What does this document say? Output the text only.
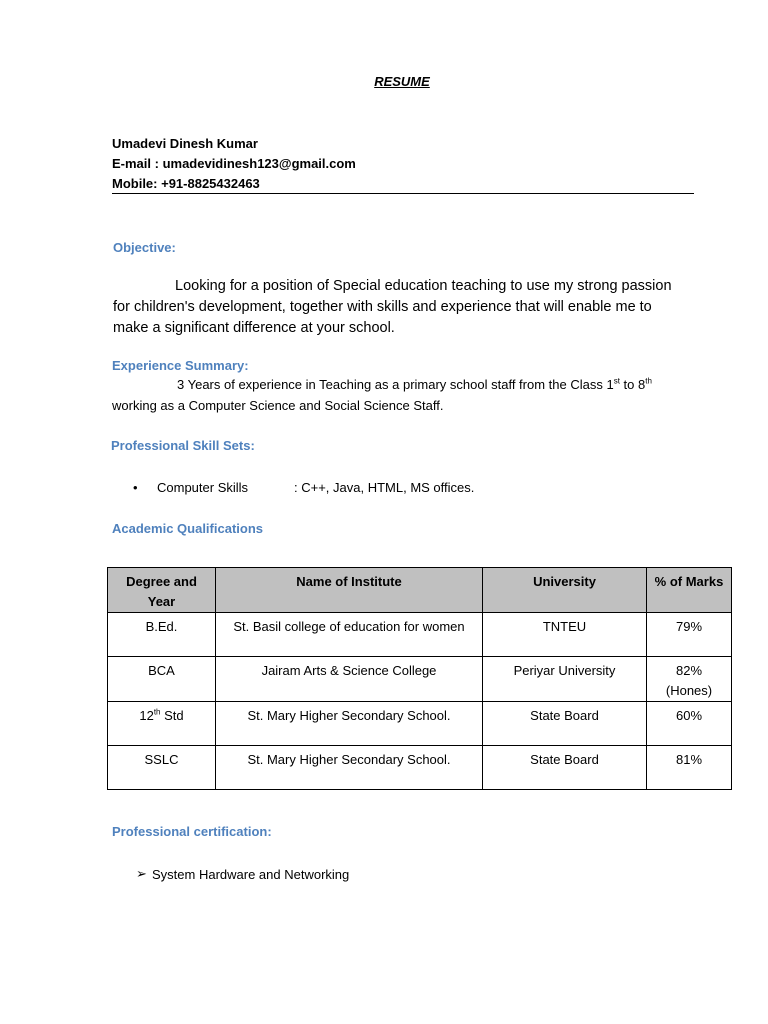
RESUME
Umadevi Dinesh Kumar
E-mail : umadevidinesh123@gmail.com
Mobile: +91-8825432463
Objective:
Looking for a position of Special education teaching to use my strong passion for children's development, together with skills and experience that will enable me to make a significant difference at your school.
Experience Summary:
3 Years of experience in Teaching as a primary school staff from the Class 1st to 8th
working as a Computer Science and Social Science Staff.
Professional Skill Sets:
• Computer Skills	: C++, Java, HTML, MS offices.
Academic Qualifications
Degree and Year	Name of Institute	University	% of Marks
B.Ed.	St. Basil college of education for women	TNTEU	79%
BCA	Jairam Arts & Science College	Periyar University	82%
(Hones)
12th Std	St. Mary Higher Secondary School.	State Board	60%
SSLC	St. Mary Higher Secondary School.	State Board	81%
Professional certification:
➢ System Hardware and Networking
